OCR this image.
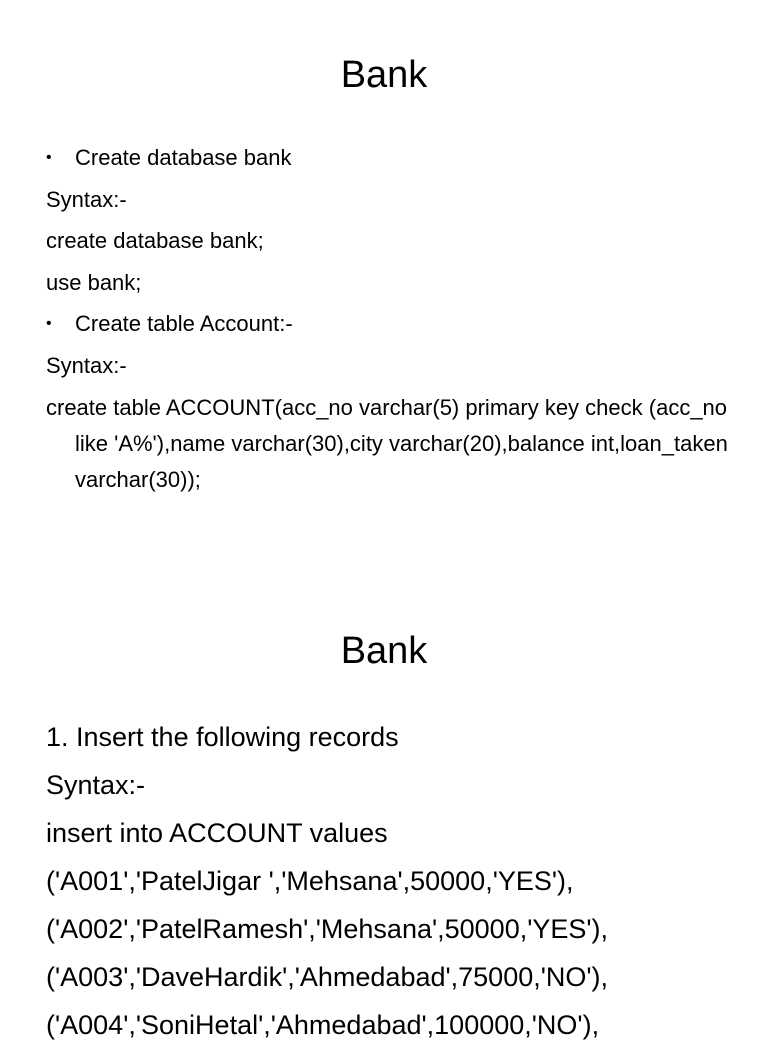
Bank
• Create database bank
Syntax:-
create database bank;
use bank;
• Create table Account:-
Syntax:-
create table ACCOUNT(acc_no varchar(5) primary key check (acc_no like 'A%'),name varchar(30),city varchar(20),balance int,loan_taken varchar(30));
Bank
1. Insert the following records
Syntax:-
insert into ACCOUNT values
('A001','PatelJigar ','Mehsana',50000,'YES'),
('A002','PatelRamesh','Mehsana',50000,'YES'),
('A003','DaveHardik','Ahmedabad',75000,'NO'),
('A004','SoniHetal','Ahmedabad',100000,'NO'),
